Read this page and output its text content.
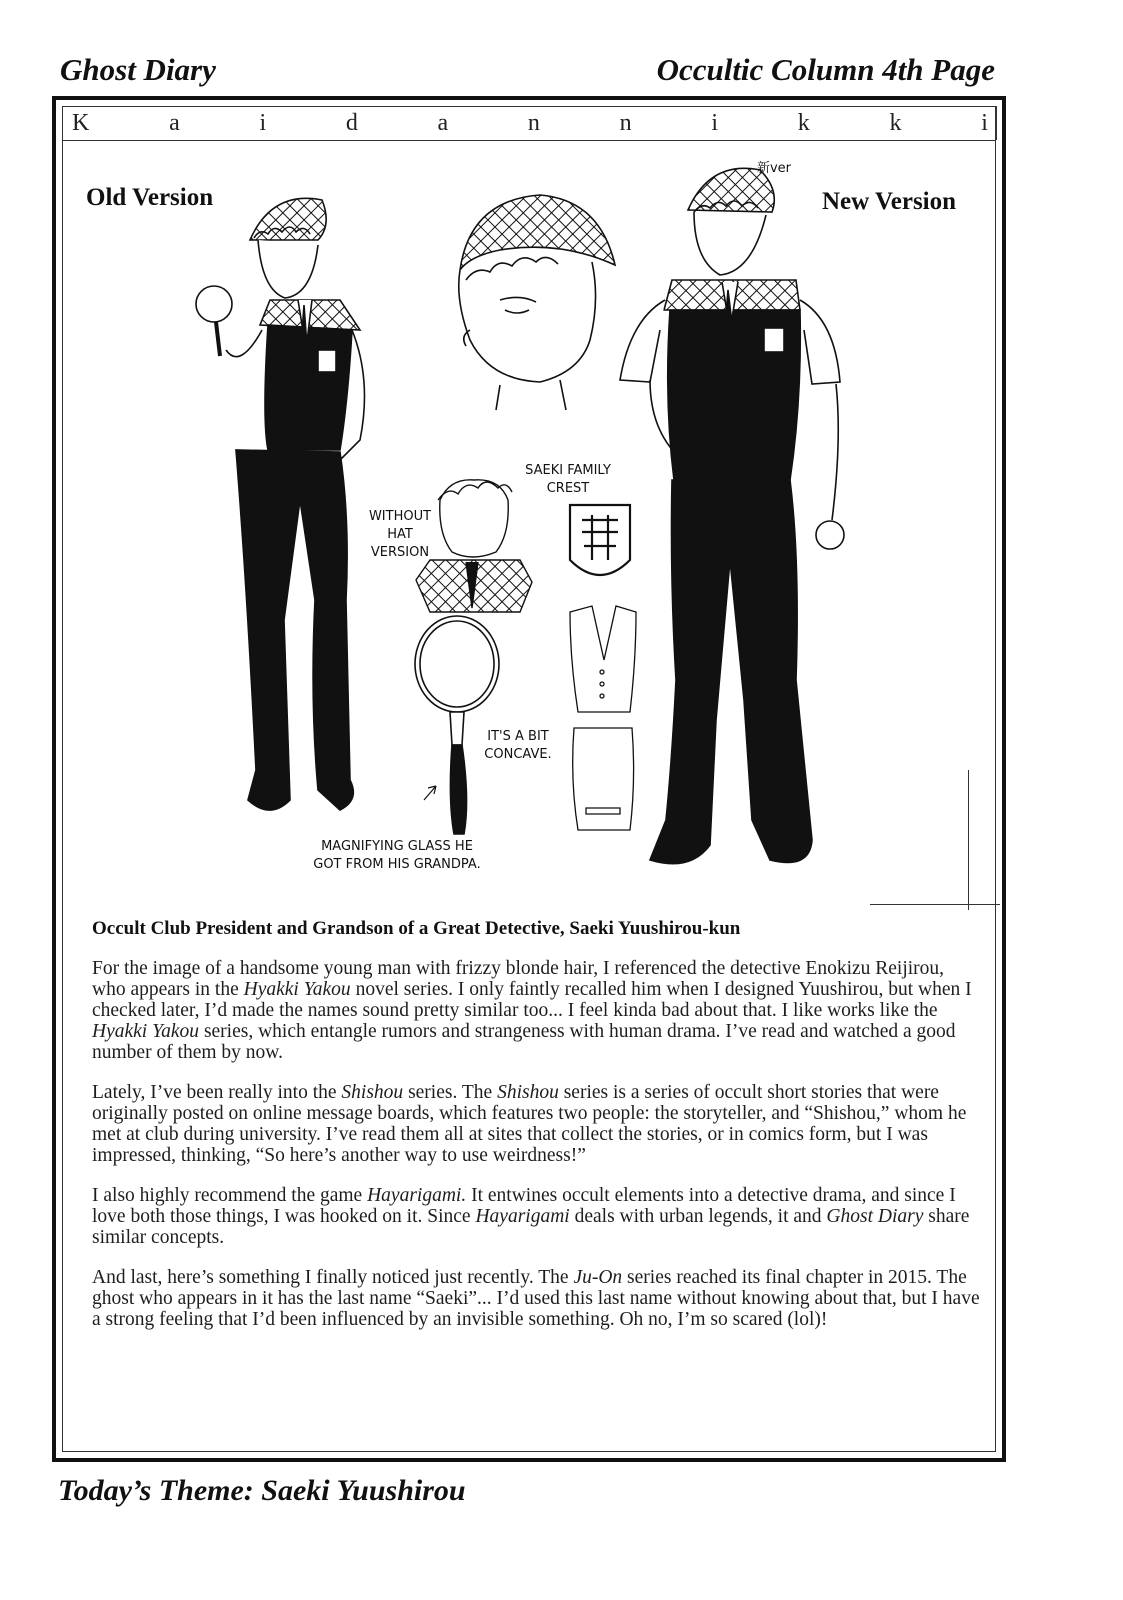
Ghost Diary	Occultic Column 4th Page
K	a	i	d	a	n	n	i	k	k	i
Old Version	New Version
WITHOUT HAT VERSION
SAEKI FAMILY CREST
IT'S A BIT CONCAVE.
MAGNIFYING GLASS HE GOT FROM HIS GRANDPA.
新ver
Occult Club President and Grandson of a Great Detective, Saeki Yuushirou-kun

For the image of a handsome young man with frizzy blonde hair, I referenced the detective Enokizu Reijirou, who appears in the Hyakki Yakou novel series. I only faintly recalled him when I designed Yuushirou, but when I checked later, I’d made the names sound pretty similar too... I feel kinda bad about that. I like works like the Hyakki Yakou series, which entangle rumors and strangeness with human drama. I’ve read and watched a good number of them by now.

Lately, I’ve been really into the Shishou series. The Shishou series is a series of occult short stories that were originally posted on online message boards, which features two people: the storyteller, and “Shishou,” whom he met at club during university. I’ve read them all at sites that collect the stories, or in comics form, but I was impressed, thinking, “So here’s another way to use weirdness!”

I also highly recommend the game Hayarigami. It entwines occult elements into a detective drama, and since I love both those things, I was hooked on it. Since Hayarigami deals with urban legends, it and Ghost Diary share similar concepts.

And last, here’s something I finally noticed just recently. The Ju-On series reached its final chapter in 2015. The ghost who appears in it has the last name “Saeki”... I’d used this last name without knowing about that, but I have a strong feeling that I’d been influenced by an invisible something. Oh no, I’m so scared (lol)!

Today’s Theme: Saeki Yuushirou
